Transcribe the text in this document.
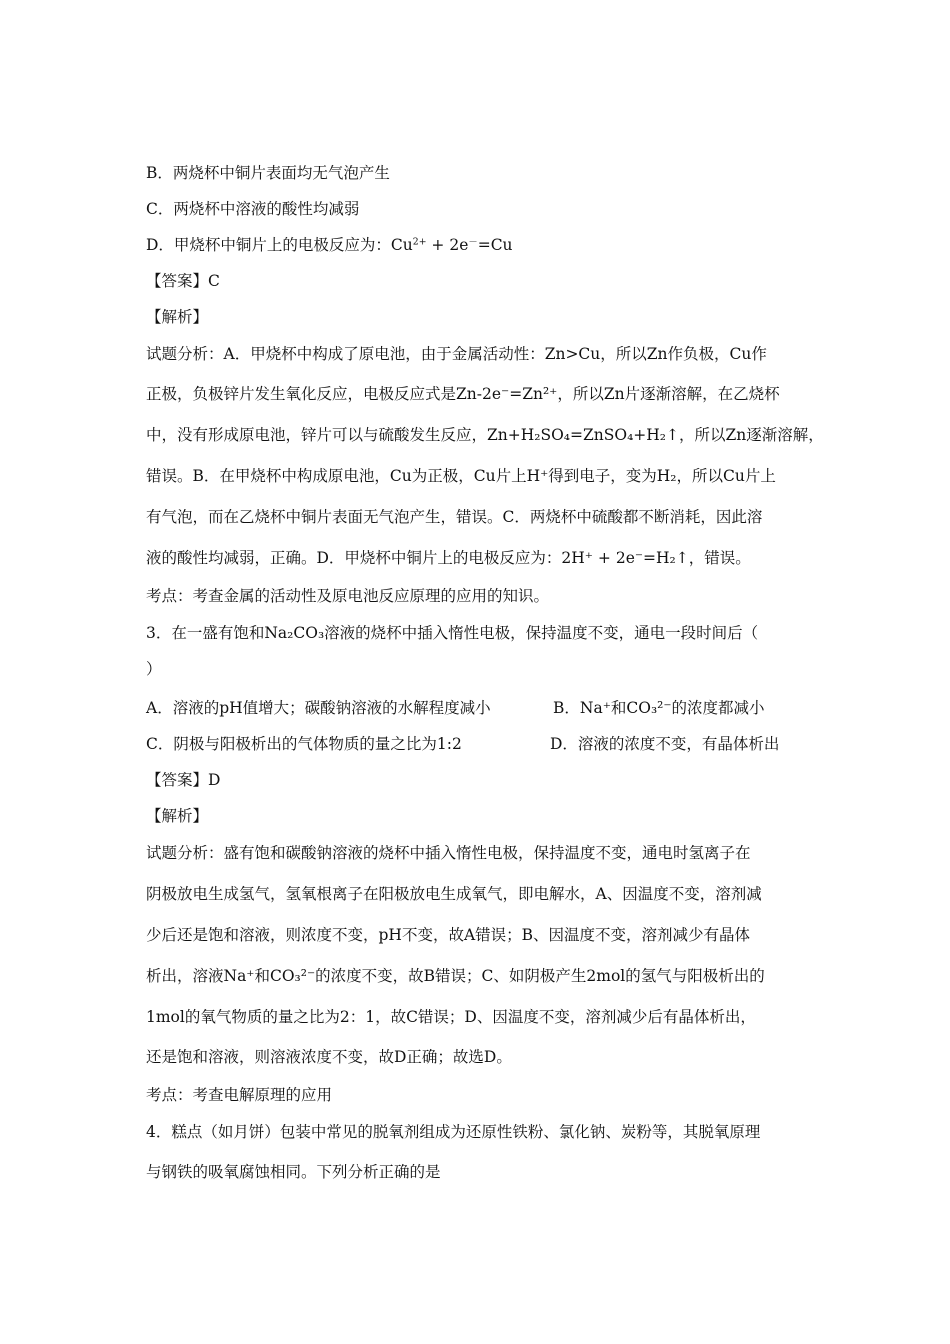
B．两烧杯中铜片表面均无气泡产生
C．两烧杯中溶液的酸性均减弱
D．甲烧杯中铜片上的电极反应为：$Cu^{2+} + 2e^-=Cu$
【答案】C
【解析】
试题分析：A．甲烧杯中构成了原电池，由于金属活动性：Zn>Cu，所以Zn作负极，Cu作
正极，负极锌片发生氧化反应，电极反应式是Zn-2e⁻=Zn²⁺，所以Zn片逐渐溶解，在乙烧杯
中，没有形成原电池，锌片可以与硫酸发生反应，Zn+H₂SO₄=ZnSO₄+H₂↑，所以Zn逐渐溶解，
错误。B．在甲烧杯中构成原电池，Cu为正极，Cu片上H⁺得到电子，变为H₂，所以Cu片上
有气泡，而在乙烧杯中铜片表面无气泡产生，错误。C．两烧杯中硫酸都不断消耗，因此溶
液的酸性均减弱，正确。D．甲烧杯中铜片上的电极反应为：2H⁺ + 2e⁻=H₂↑，错误。
考点：考查金属的活动性及原电池反应原理的应用的知识。
3．在一盛有饱和Na₂CO₃溶液的烧杯中插入惰性电极，保持温度不变，通电一段时间后（
）
A．溶液的pH值增大；碳酸钠溶液的水解程度减小	B．Na⁺和CO₃²⁻的浓度都减小
C．阴极与阳极析出的气体物质的量之比为1:2	D．溶液的浓度不变，有晶体析出
【答案】D
【解析】
试题分析：盛有饱和碳酸钠溶液的烧杯中插入惰性电极，保持温度不变，通电时氢离子在
阴极放电生成氢气，氢氧根离子在阳极放电生成氧气，即电解水，A、因温度不变，溶剂减
少后还是饱和溶液，则浓度不变，pH不变，故A错误；B、因温度不变，溶剂减少有晶体
析出，溶液Na⁺和CO₃²⁻的浓度不变，故B错误；C、如阴极产生2mol的氢气与阳极析出的
1mol的氧气物质的量之比为2：1，故C错误；D、因温度不变，溶剂减少后有晶体析出，
还是饱和溶液，则溶液浓度不变，故D正确；故选D。
考点：考查电解原理的应用
4．糕点（如月饼）包装中常见的脱氧剂组成为还原性铁粉、氯化钠、炭粉等，其脱氧原理
与钢铁的吸氧腐蚀相同。下列分析正确的是
